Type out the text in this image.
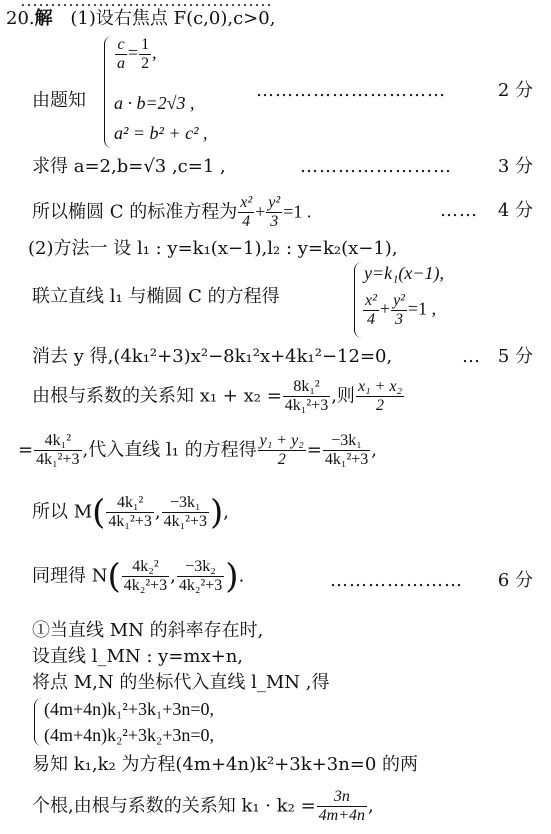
……………………………………
20.解 (1)设右焦点 F(c,0),c>0,
由题知
$\frac{c}{a} = \frac{1}{2}$ ,
a · b=2√3 ,
a² = b² + c² ,
…………………………	2 分
求得 a=2,b=√3 ,c=1 ,	……………………	3 分
所以椭圆 C 的标准方程为 $\frac{\text{x²}}{4} + \frac{\text{y²}}{3} =1$ .	…… 4 分
(2)方法一 设 l₁ : y=k₁(x−1),l₂ : y=k₂(x−1),
联立直线 l₁ 与椭圆 C 的方程得
y=k₁(x−1),
$\frac{\text{x²}}{4} + \frac{\text{y²}}{3} =1$ ,
消去 y 得,(4k₁²+3)x²−8k₁²x+4k₁²−12=0,	… 5 分
由根与系数的关系知 $x_1 + x_2 = \frac{\text{8k₁²}}{\text{4k₁²+3}}$ ,则 $\frac{\text{x₁ + x₂}}{2}$
= $\frac{\text{4k₁²}}{\text{4k₁²+3}}$ ,代入直线 l₁ 的方程得 $\frac{\text{y₁ + y₂}}{2} = \frac{\text{−3k₁}}{\text{4k₁²+3}}$ ,
所以 $M( \frac{\text{4k₁²}}{\text{4k₁²+3}}$ , $\frac{\text{−3k₁}}{\text{4k₁²+3}}$ ),
同理得 $N( \frac{\text{4k₂²}}{\text{4k₂²+3}}$ , $\frac{\text{−3k₂}}{\text{4k₂²+3}}$ ).	………………… 6 分
①当直线 MN 的斜率存在时,
设直线 l_MN : y=mx+n,
将点 M,N 的坐标代入直线 l_MN ,得
(4m+4n)k₁²+3k₁+3n=0,
(4m+4n)k₂²+3k₂+3n=0,
易知 k₁,k₂ 为方程(4m+4n)k²+3k+3n=0 的两
个根,由根与系数的关系知 $k_1 \cdot k_2 = \frac{3n}{4m+4n}$ ,
